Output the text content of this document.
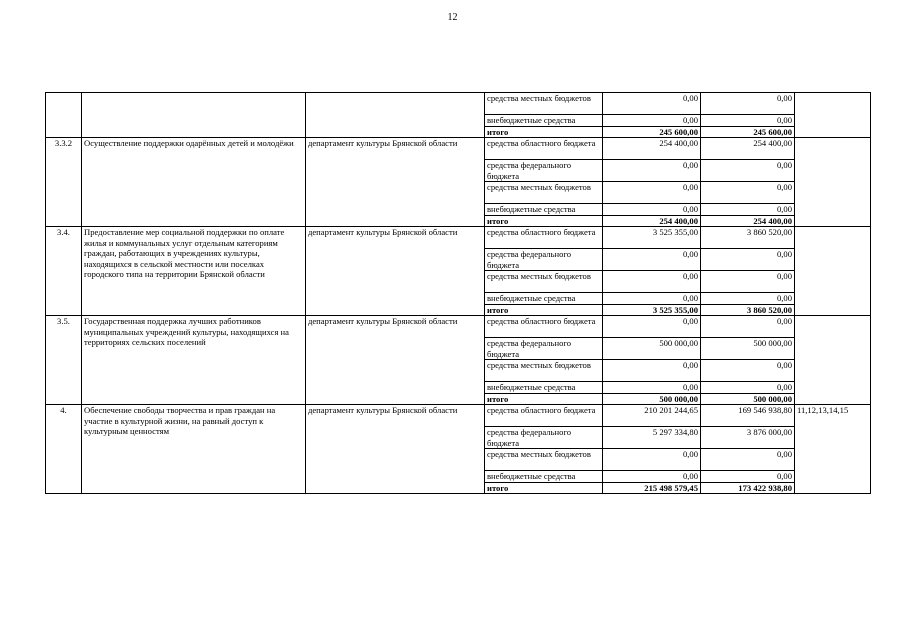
12
			средства местных бюджетов	0,00	0,00	
			внебюджетные средства	0,00	0,00	
			итого	245 600,00	245 600,00	
3.3.2	Осуществление поддержки одарённых детей и молодёжи	департамент культуры Брянской области	средства областного бюджета	254 400,00	254 400,00	
			средства федерального бюджета	0,00	0,00	
			средства местных бюджетов	0,00	0,00	
			внебюджетные средства	0,00	0,00	
			итого	254 400,00	254 400,00	
3.4.	Предоставление мер социальной поддержки по оплате жилья и коммунальных услуг отдельным категориям граждан, работающих в учреждениях культуры, находящихся в сельской местности или поселках городского типа на территории Брянской области	департамент культуры Брянской области	средства областного бюджета	3 525 355,00	3 860 520,00	
			средства федерального бюджета	0,00	0,00	
			средства местных бюджетов	0,00	0,00	
			внебюджетные средства	0,00	0,00	
			итого	3 525 355,00	3 860 520,00	
3.5.	Государственная поддержка лучших работников муниципальных учреждений культуры, находящихся на территориях сельских поселений	департамент культуры Брянской области	средства областного бюджета	0,00	0,00	
			средства федерального бюджета	500 000,00	500 000,00	
			средства местных бюджетов	0,00	0,00	
			внебюджетные средства	0,00	0,00	
			итого	500 000,00	500 000,00	
4.	Обеспечение свободы творчества и прав граждан на участие в культурной жизни, на равный доступ к культурным ценностям	департамент культуры Брянской области	средства областного бюджета	210 201 244,65	169 546 938,80	11,12,13,14,15
			средства федерального бюджета	5 297 334,80	3 876 000,00	
			средства местных бюджетов	0,00	0,00	
			внебюджетные средства	0,00	0,00	
			итого	215 498 579,45	173 422 938,80	
